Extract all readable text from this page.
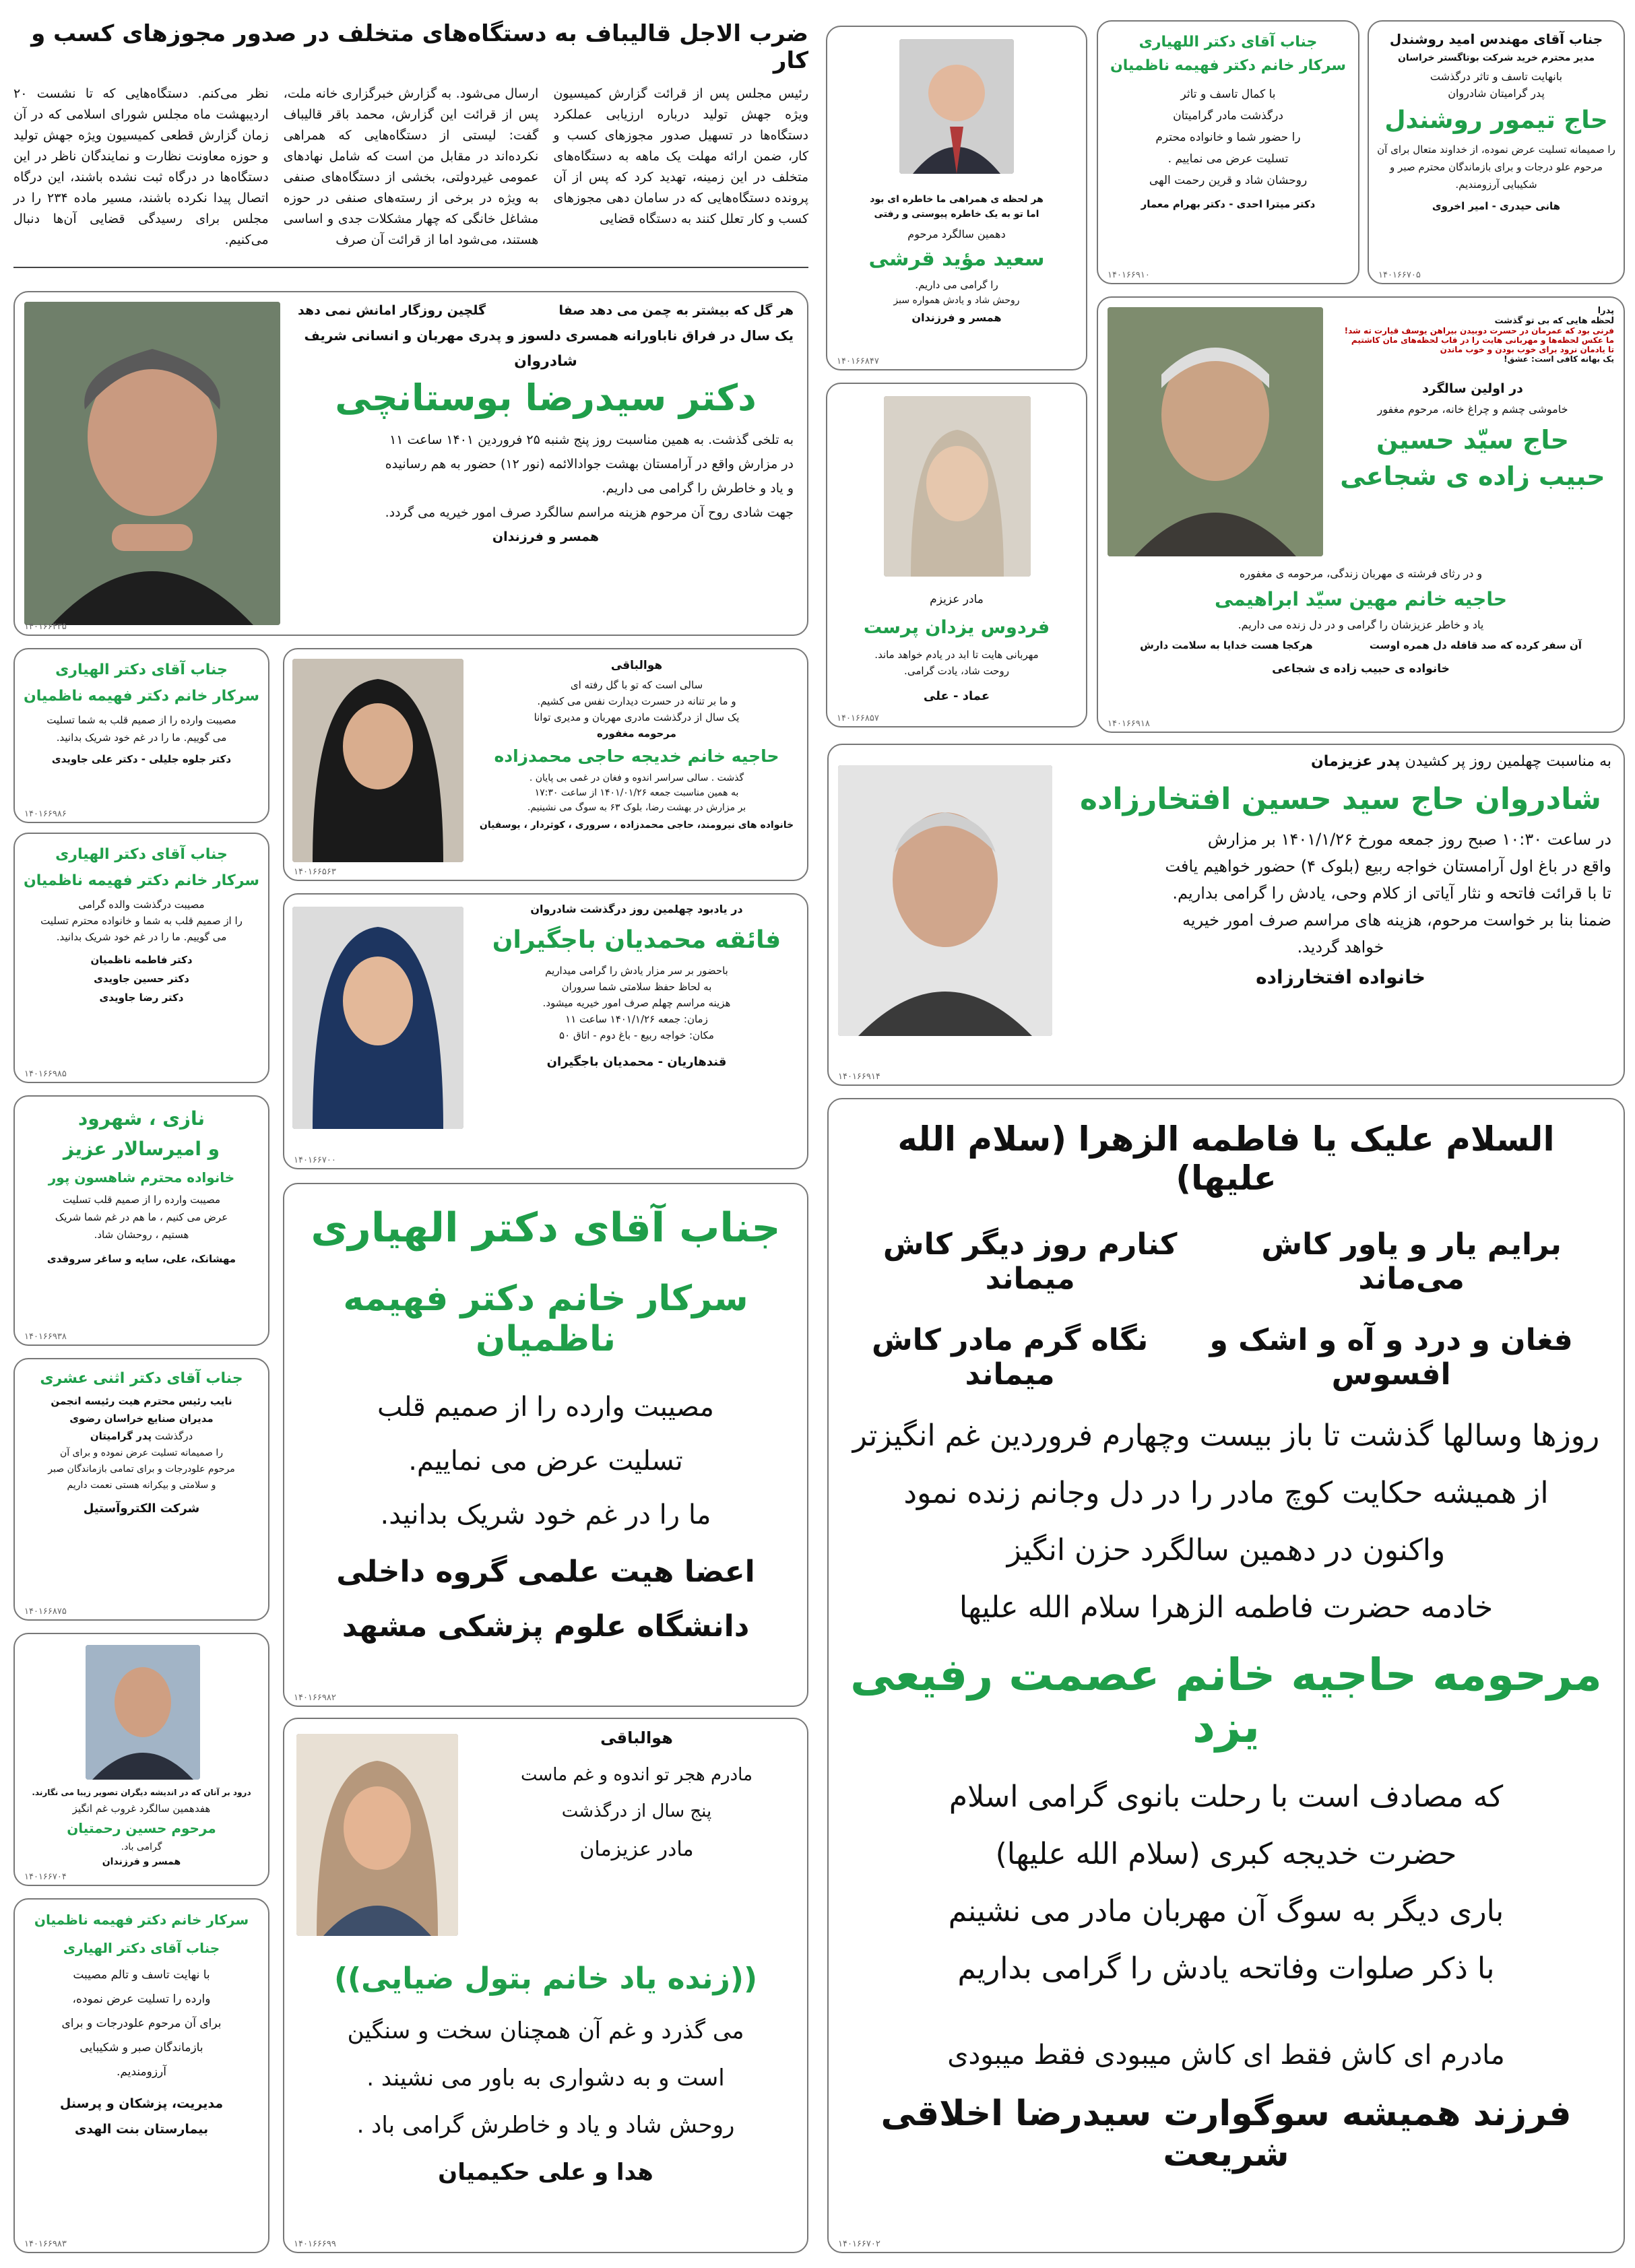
ضرب الاجل قالیباف به دستگاه‌های متخلف در صدور مجوزهای کسب و کار

رئیس مجلس پس از قرائت گزارش کمیسیون ویژه جهش تولید درباره ارزیابی عملکرد دستگاه‌ها در تسهیل صدور مجوزهای کسب و کار، ضمن ارائه مهلت یک ماهه به دستگاه‌های متخلف در این زمینه، تهدید کرد که پس از آن پرونده دستگاه‌هایی که در سامان دهی مجوزهای کسب و کار تعلل کنند به دستگاه قضایی

ارسال می‌شود. به گزارش خبرگزاری خانه ملت، پس از قرائت این گزارش، محمد باقر قالیباف گفت: لیستی از دستگاه‌هایی که همراهی نکرده‌اند در مقابل من است که شامل نهادهای عمومی غیردولتی، بخشی از دستگاه‌های صنفی به ویژه در برخی از رسته‌های صنفی در حوزه مشاغل خانگی که چهار مشکلات جدی و اساسی هستند، می‌شود اما از قرائت آن صرف

نظر می‌کنم. دستگاه‌هایی که تا نشست ۲۰ اردیبهشت ماه مجلس شورای اسلامی که در آن زمان گزارش قطعی کمیسیون ویژه جهش تولید و حوزه معاونت نظارت و نمایندگان ناظر در این دستگاه‌ها در درگاه ثبت نشده باشند، این درگاه اتصال پیدا نکرده باشند، مسیر ماده ۲۳۴ را در مجلس برای رسیدگی قضایی آن‌ها دنبال می‌کنیم.

جناب آقای مهندس امید روشندل

مدیر محترم خرید شرکت بوتاگستر خراسان

بانهایت تاسف و تاثر درگذشت

پدر گرامیتان شادروان

حاج تیمور روشندل

را صمیمانه تسلیت عرض نموده، از خداوند متعال برای آن مرحوم علو درجات و برای بازماندگان محترم صبر و شکیبایی آرزومندیم.

هانی حیدری - امیر اخروی

۱۴۰۱۶۶۷۰۵

جناب آقای دکتر اللهیاری

سرکار خانم دکتر فهیمه ناظمیان

با کمال تاسف و تاثر

درگذشت مادر گرامیتان

را حضور شما و خانواده محترم

تسلیت عرض می نماییم .

روحشان شاد و قرین رحمت الهی

دکتر میترا احدی - دکتر بهرام معمار

۱۴۰۱۶۶۹۱۰

هر لحظه ی همراهی ما خاطره ای بود

اما تو به یک خاطره پیوستی و رفتی

دهمین سالگرد مرحوم

سعید مؤید قرشی

را گرامی می داریم.

روحش شاد و یادش همواره سبز

همسر و فرزندان

۱۴۰۱۶۶۸۴۷

مادر عزیزم

فردوس یزدان پرست

مهربانی هایت تا ابد در یادم خواهد ماند.

روحت شاد، یادت گرامی.

عماد - علی

۱۴۰۱۶۶۸۵۷

پدرا

لحظه هایی که بی تو گذشت

فرنی بود که عمرمان در حسرت دوبیدن بیراهن یوسف قیارت ته شد!

ما عکس لحظه‌ها و مهربانی هایت را در قاب لحظه‌های مان کاشتیم

تا یادمان نرود برای خوب بودن و خوب ماندن

یک بهانه کافی است: عشق!

در اولین سالگرد

خاموشی چشم و چراغ خانه، مرحوم مغفور

حاج سیّد حسین

حبیب زاده ی شجاعی

و در رثای فرشته ی مهربان زندگی، مرحومه ی مغفوره

حاجیه خانم مهین سیّد ابراهیمی

یاد و خاطر عزیزشان را گرامی و در دل زنده می داریم.

آن سفر کرده که صد قافله دل همره اوست
هرکجا هست خدایا به سلامت دارش

خانواده ی حبیب زاده ی شجاعی

۱۴۰۱۶۶۹۱۸
هر گل که بیشتر به چمن می دهد صفا
گلچین روزگار امانش نمی دهد

یک سال در فراق ناباورانه همسری دلسوز و پدری مهربان و انسانی شریف

شادروان

دکتر سیدرضا بوستانچی

به تلخی گذشت. به همین مناسبت روز پنج شنبه ۲۵ فروردین ۱۴۰۱ ساعت ۱۱

در مزارش واقع در آرامستان بهشت جوادالائمه (نور ۱۲) حضور به هم رسانیده

و یاد و خاطرش را گرامی می داریم.

جهت شادی روح آن مرحوم هزینه مراسم سالگرد صرف امور خیریه می گردد.

همسر و فرزندان

۱۴۰۱۶۶۴۳۵

جناب آقای دکتر الهیاری

سرکار خانم دکتر فهیمه ناظمیان

مصیبت وارده را از صمیم قلب به شما تسلیت

می گوییم. ما را در غم خود شریک بدانید.

دکتر جلوه جلیلی - دکتر علی جاویدی

۱۴۰۱۶۶۹۸۶

هوالباقی

سالی است که تو با گل رفته ای

و ما بر تنانه در حسرت دیدارت نفس می کشیم.

یک سال از درگذشت مادری مهربان و مدیری توانا

مرحومه مغفوره

حاجیه خانم خدیجه حاجی محمدزاده

گذشت . سالی سراسر اندوه و فغان در غمی بی پایان .

به همین مناسبت جمعه ۱۴۰۱/۰۱/۲۶ از ساعت ۱۷:۳۰

بر مزارش در بهشت رضا، بلوک ۶۳ به سوگ می نشینیم.

خانواده های نیرومند، حاجی محمدزاده ، سروری ، کوثردار ، یوسفیان

۱۴۰۱۶۶۵۶۳

به مناسبت چهلمین روز پر کشیدن پدر عزیزمان

شادروان حاج سید حسین افتخارزاده

در ساعت ۱۰:۳۰ صبح روز جمعه مورخ ۱۴۰۱/۱/۲۶ بر مزارش

واقع در باغ اول آرامستان خواجه ربیع (بلوک ۴) حضور خواهیم یافت

تا با قرائت فاتحه و نثار آیاتی از کلام وحی، یادش را گرامی بداریم.

ضمنا بنا بر خواست مرحوم، هزینه های مراسم صرف امور خیریه

خواهد گردید.

خانواده افتخارزاده

۱۴۰۱۶۶۹۱۴

جناب آقای دکتر الهیاری

سرکار خانم دکتر فهیمه ناظمیان

مصیبت درگذشت والده گرامی

را از صمیم قلب به شما و خانواده محترم تسلیت

می گوییم. ما را در غم خود شریک بدانید.

دکتر فاطمه ناظمیان

دکتر حسین جاویدی

دکتر رضا جاویدی

۱۴۰۱۶۶۹۸۵

در یادبود چهلمین روز درگذشت شادروان

فائقه محمدیان باجگیران

باحضور بر سر مزار یادش را گرامی میداریم

به لحاظ حفظ سلامتی شما سروران

هزینه مراسم چهلم صرف امور خیریه میشود.

زمان: جمعه ۱۴۰۱/۱/۲۶ ساعت ۱۱

مکان: خواجه ربیع - باغ دوم - اتاق ۵۰

قندهاریان - محمدیان باجگیران

۱۴۰۱۶۶۷۰۰

نازی ، شهرود

و امیرسالار عزیز

خانواده محترم شاهسون پور

مصیبت وارده را از صمیم قلب تسلیت

عرض می کنیم ، ما هم در غم شما شریک

هستیم ، روحشان شاد.

مهشانک، علی، سایه و ساغر سروقدی

۱۴۰۱۶۶۹۳۸

جناب آقای دکتر الهیاری

سرکار خانم دکتر فهیمه ناظمیان

مصیبت وارده را از صمیم قلب

تسلیت عرض می نماییم.

ما را در غم خود شریک بدانید.

اعضا هیت علمی گروه داخلی

دانشگاه علوم پزشکی مشهد

۱۴۰۱۶۶۹۸۲

السلام علیک یا فاطمه الزهرا (سلام الله علیها)

برایم یار و یاور کاش می‌ماند
کنارم روز دیگر کاش میماند
فغان و درد و آه و اشک و افسوس
نگاه گرم مادر کاش میماند

روزها وسالها گذشت تا باز بیست وچهارم فروردین غم انگیزتر

از همیشه حکایت کوچ مادر را در دل وجانم زنده نمود

واکنون در دهمین سالگرد حزن انگیز

خادمه حضرت فاطمه الزهرا سلام الله علیها

مرحومه حاجیه خانم عصمت رفیعی یزد

که مصادف است با رحلت بانوی گرامی اسلام

حضرت خدیجه کبری (سلام الله علیها)

باری دیگر به سوگ آن مهربان مادر می نشینم

با ذکر صلوات وفاتحه یادش را گرامی بداریم

مادرم ای کاش فقط ای کاش میبودی فقط میبودی

فرزند همیشه سوگوارت سیدرضا اخلاقی شریعت

۱۴۰۱۶۶۷۰۲

جناب آقای دکتر اثنی عشری

نایب رئیس محترم هیت رئیسه انجمن

مدیران صنایع خراسان رضوی

درگذشت پدر گرامیتان

را صمیمانه تسلیت عرض نموده و برای آن

مرحوم علودرجات و برای تمامی بازماندگان صبر

و سلامتی و بیکرانه هستی نعمت داریم

شرکت الکتروآستیل

۱۴۰۱۶۶۸۷۵

درود بر آنان که در اندیشه دیگران تصویر زیبا می نگارند.

هفدهمین سالگرد غروب غم انگیز

مرحوم حسین رحمتیان

گرامی باد.

همسر و فرزندان

۱۴۰۱۶۶۷۰۴

هوالباقی

مادرم هجر تو اندوه و غم ماست

پنج سال از درگذشت

مادر عزیزمان

((زنده یاد خانم بتول ضیایی))

می گذرد و غم آن همچنان سخت و سنگین

است و به دشواری به باور می نشیند .

روحش شاد و یاد و خاطرش گرامی باد .

هدا و علی حکیمیان

۱۴۰۱۶۶۶۹۹

سرکار خانم دکتر فهیمه ناظمیان

جناب آقای دکتر الهیاری

با نهایت تاسف و تالم مصیبت

وارده را تسلیت عرض نموده،

برای آن مرحوم علودرجات و برای

بازماندگان صبر و شکیبایی

آرزومندیم.

مدیریت، پزشکان و پرسنل

بیمارستان بنت الهدی

۱۴۰۱۶۶۹۸۳
